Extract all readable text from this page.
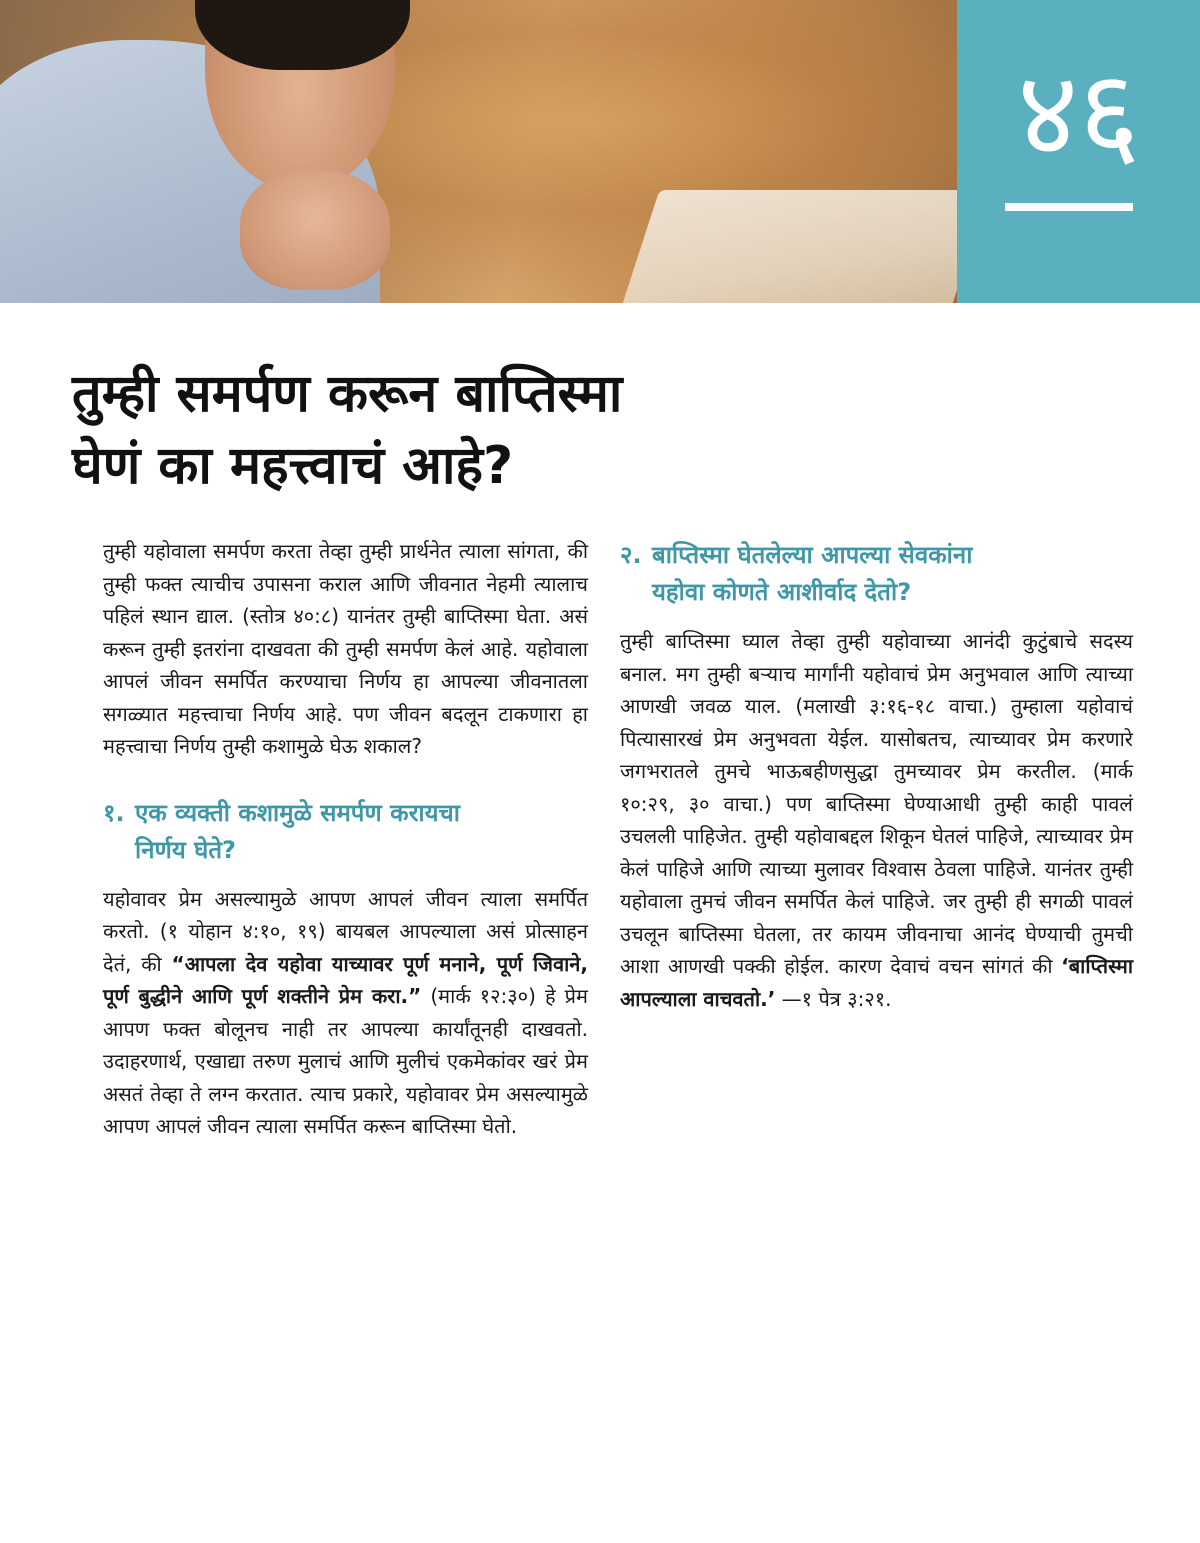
४६
तुम्ही समर्पण करून बाप्तिस्मा
घेणं का महत्त्वाचं आहे?

तुम्ही यहोवाला समर्पण करता तेव्हा तुम्ही प्रार्थनेत त्याला सांगता, की तुम्ही फक्त त्याचीच उपासना कराल आणि जीवनात नेहमी त्यालाच पहिलं स्थान द्याल. (स्तोत्र ४०:८) यानंतर तुम्ही बाप्तिस्मा घेता. असं करून तुम्ही इतरांना दाखवता की तुम्ही समर्पण केलं आहे. यहोवाला आपलं जीवन समर्पित करण्याचा निर्णय हा आपल्या जीवनातला सगळ्यात महत्त्वाचा निर्णय आहे. पण जीवन बदलून टाकणारा हा महत्त्वाचा निर्णय तुम्ही कशामुळे घेऊ शकाल?

१. एक व्यक्ती कशामुळे समर्पण करायचा
निर्णय घेते?

यहोवावर प्रेम असल्यामुळे आपण आपलं जीवन त्याला समर्पित करतो. (१ योहान ४:१०, १९) बायबल आपल्याला असं प्रोत्साहन देतं, की “आपला देव यहोवा याच्यावर पूर्ण मनाने, पूर्ण जिवाने, पूर्ण बुद्धीने आणि पूर्ण शक्तीने प्रेम करा.” (मार्क १२:३०) हे प्रेम आपण फक्त बोलूनच नाही तर आपल्या कार्यांतूनही दाखवतो. उदाहरणार्थ, एखाद्या तरुण मुलाचं आणि मुलीचं एकमेकांवर खरं प्रेम असतं तेव्हा ते लग्न करतात. त्याच प्रकारे, यहोवावर प्रेम असल्यामुळे आपण आपलं जीवन त्याला समर्पित करून बाप्तिस्मा घेतो.

२. बाप्तिस्मा घेतलेल्या आपल्या सेवकांना
यहोवा कोणते आशीर्वाद देतो?

तुम्ही बाप्तिस्मा घ्याल तेव्हा तुम्ही यहोवाच्या आनंदी कुटुंबाचे सदस्य बनाल. मग तुम्ही बऱ्याच मार्गांनी यहोवाचं प्रेम अनुभवाल आणि त्याच्या आणखी जवळ याल. (मलाखी ३:१६-१८ वाचा.) तुम्हाला यहोवाचं पित्यासारखं प्रेम अनुभवता येईल. यासोबतच, त्याच्यावर प्रेम करणारे जगभरातले तुमचे भाऊबहीणसुद्धा तुमच्यावर प्रेम करतील. (मार्क १०:२९, ३० वाचा.) पण बाप्तिस्मा घेण्याआधी तुम्ही काही पावलं उचलली पाहिजेत. तुम्ही यहोवाबद्दल शिकून घेतलं पाहिजे, त्याच्यावर प्रेम केलं पाहिजे आणि त्याच्या मुलावर विश्वास ठेवला पाहिजे. यानंतर तुम्ही यहोवाला तुमचं जीवन समर्पित केलं पाहिजे. जर तुम्ही ही सगळी पावलं उचलून बाप्तिस्मा घेतला, तर कायम जीवनाचा आनंद घेण्याची तुमची आशा आणखी पक्की होईल. कारण देवाचं वचन सांगतं की ‘बाप्तिस्मा आपल्याला वाचवतो.’ —१ पेत्र ३:२१.
